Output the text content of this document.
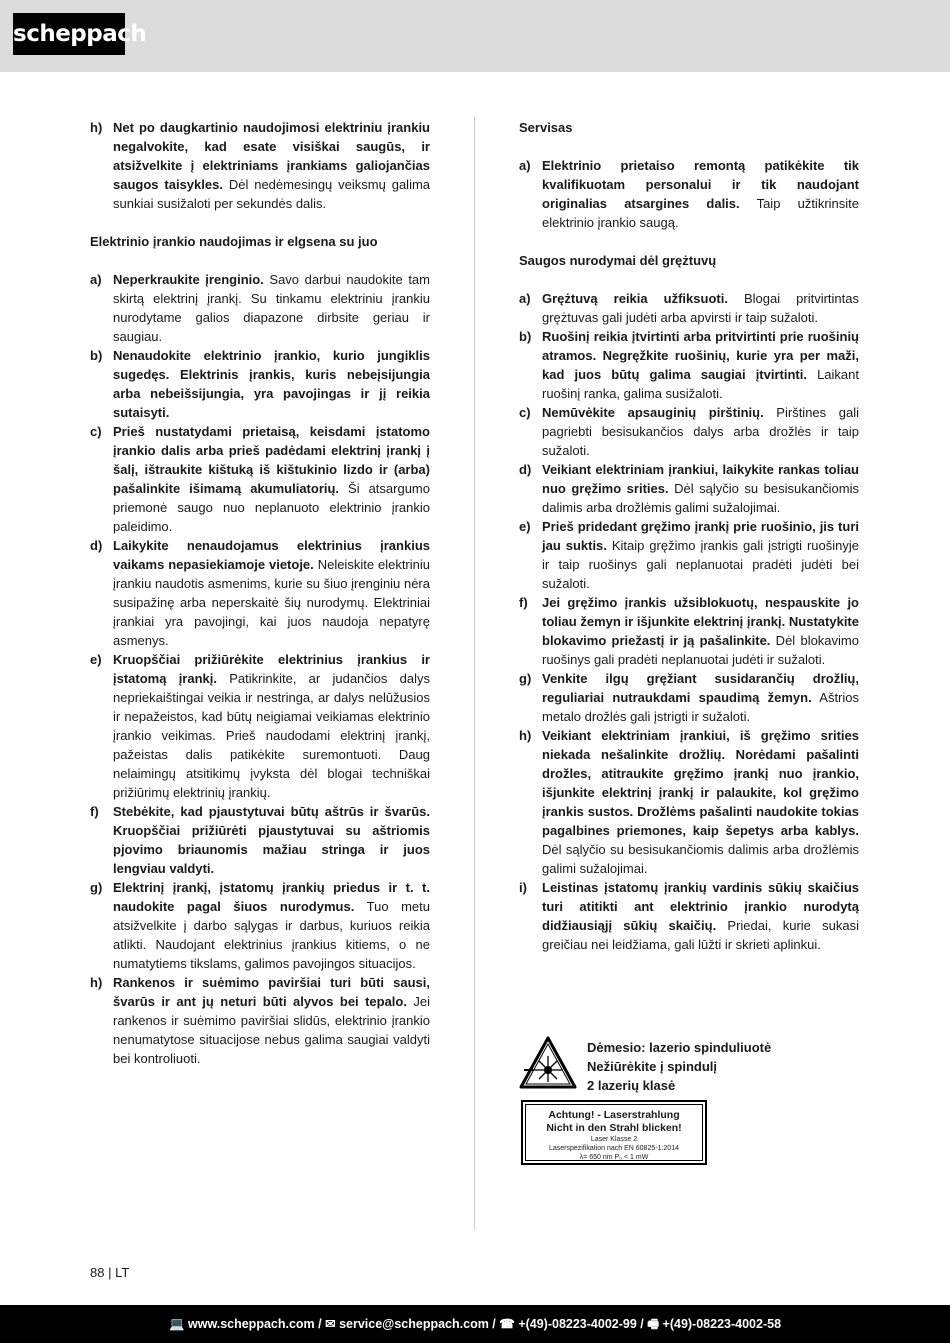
scheppach
h) Net po daugkartinio naudojimosi elektriniu įrankiu negalvokite, kad esate visiškai saugūs, ir atsižvelkite į elektriniams įrankiams galiojančias saugos taisykles. Dėl nedėmesingų veiksmų galima sunkiai susižaloti per sekundės dalis.
Elektrinio įrankio naudojimas ir elgsena su juo
a) Neperkraukite įrenginio. Savo darbui naudokite tam skirtą elektrinį įrankį. Su tinkamu elektriniu įrankiu nurodytame galios diapazone dirbsite geriau ir saugiau.
b) Nenaudokite elektrinio įrankio, kurio jungiklis sugedęs. Elektrinis įrankis, kuris nebeįsijungia arba nebeišsijungia, yra pavojingas ir jį reikia sutaisyti.
c) Prieš nustatydami prietaisą, keisdami įstatomo įrankio dalis arba prieš padėdami elektrinį įrankį į šalį, ištraukite kištuką iš kištukinio lizdo ir (arba) pašalinkite išimamą akumuliatorių. Ši atsargumo priemonė saugo nuo neplanuoto elektrinio įrankio paleidimo.
d) Laikykite nenaudojamus elektrinius įrankius vaikams nepasiekiamoje vietoje. Neleiskite elektriniu įrankiu naudotis asmenims, kurie su šiuo įrenginiu nėra susipažinę arba neperskaitė šių nurodymų. Elektriniai įrankiai yra pavojingi, kai juos naudoja nepatyrę asmenys.
e) Kruopščiai prižiūrėkite elektrinius įrankius ir įstatomą įrankį. Patikrinkite, ar judančios dalys nepriekaištingai veikia ir nestringa, ar dalys nelūžusios ir nepažeistos, kad būtų neigiamai veikiamas elektrinio įrankio veikimas. Prieš naudodami elektrinį įrankį, pažeistas dalis patikėkite suremontuoti. Daug nelaimingų atsitikimų įvyksta dėl blogai techniškai prižiūrimų elektrinių įrankių.
f) Stebėkite, kad pjaustytuvai būtų aštrūs ir švarūs. Kruopščiai prižiūrėti pjaustytuvai su aštriomis pjovimo briaunomis mažiau stringa ir juos lengviau valdyti.
g) Elektrinį įrankį, įstatomų įrankių priedus ir t. t. naudokite pagal šiuos nurodymus. Tuo metu atsižvelkite į darbo sąlygas ir darbus, kuriuos reikia atlikti. Naudojant elektrinius įrankius kitiems, o ne numatytiems tikslams, galimos pavojingos situacijos.
h) Rankenos ir suėmimo paviršiai turi būti sausi, švarūs ir ant jų neturi būti alyvos bei tepalo. Jei rankenos ir suėmimo paviršiai slidūs, elektrinio įrankio nenumatytose situacijose nebus galima saugiai valdyti bei kontroliuoti.
Servisas
a) Elektrinio prietaiso remontą patikėkite tik kvalifikuotam personalui ir tik naudojant originalias atsargines dalis. Taip užtikrinsite elektrinio įrankio saugą.
Saugos nurodymai dėl grężtuvų
a) Grężtuvą reikia užfiksuoti. Blogai pritvirtintas grężtuvas gali judėti arba apvirsti ir taip sužaloti.
b) Ruošinį reikia įtvirtinti arba pritvirtinti prie ruošinių atramos. Negręžkite ruošinių, kurie yra per maži, kad juos būtų galima saugiai įtvirtinti. Laikant ruošinį ranka, galima susižaloti.
c) Nemūvėkite apsauginių pirštinių. Pirštines gali pagriebti besisukančios dalys arba drožlės ir taip sužaloti.
d) Veikiant elektriniam įrankiui, laikykite rankas toliau nuo gręžimo srities. Dėl sąlyčio su besisukančiomis dalimis arba drožlėmis galimi sužalojimai.
e) Prieš pridedant gręžimo įrankį prie ruošinio, jis turi jau suktis. Kitaip gręžimo įrankis gali įstrigti ruošinyje ir taip ruošinys gali neplanuotai pradėti judėti bei sužaloti.
f) Jei gręžimo įrankis užsiblokuotų, nespauskite jo toliau žemyn ir išjunkite elektrinį įrankį. Nustatykite blokavimo priežastį ir ją pašalinkite. Dėl blokavimo ruošinys gali pradėti neplanuotai judėti ir sužaloti.
g) Venkite ilgų gręžiant susidarančių drožlių, reguliariai nutraukdami spaudimą žemyn. Aštrios metalo drožlės gali įstrigti ir sužaloti.
h) Veikiant elektriniam įrankiui, iš gręžimo srities niekada nešalinkite drožlių. Norėdami pašalinti drožles, atitraukite gręžimo įrankį nuo įrankio, išjunkite elektrinį įrankį ir palaukite, kol gręžimo įrankis sustos. Drožlėms pašalinti naudokite tokias pagalbines priemones, kaip šepetys arba kablys. Dėl sąlyčio su besisukančiomis dalimis arba drožlėmis galimi sužalojimai.
i) Leistinas įstatomų įrankių vardinis sūkių skaičius turi atitikti ant elektrinio įrankio nurodytą didžiausiąjį sūkių skaičių. Priedai, kurie sukasi greičiau nei leidžiama, gali lūžti ir skrieti aplinkui.
Dėmesio: lazerio spinduliuotė
Nežiūrėkite į spindulį
2 lazerių klasė
Achtung! - Laserstrahlung
Nicht in den Strahl blicken!
Laser Klasse 2
Laserspezifikation nach EN 60825-1:2014
λ= 650 nm P₀ < 1 mW
88 | LT
💻 www.scheppach.com / ✉ service@scheppach.com / ☎ +(49)-08223-4002-99 / 🖷 +(49)-08223-4002-58
